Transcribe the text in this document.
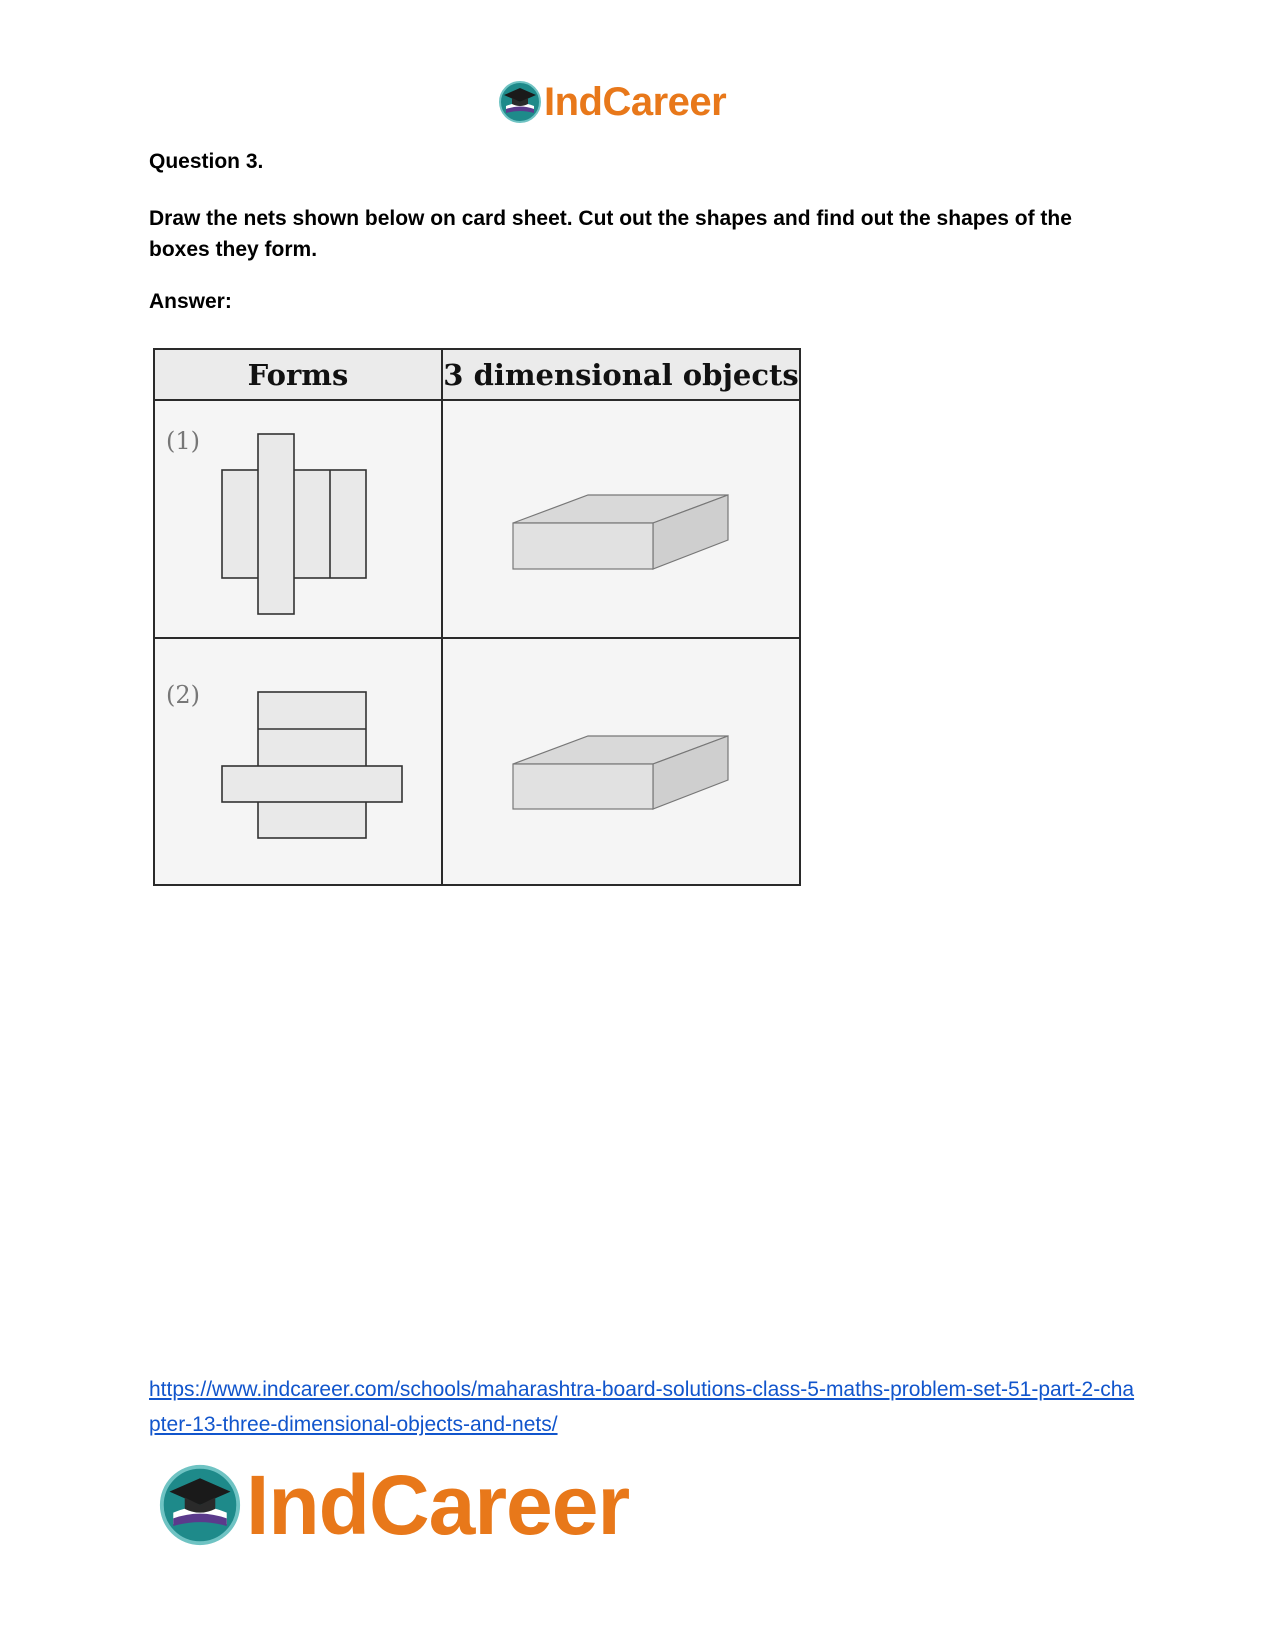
IndCareer
Question 3.

Draw the nets shown below on card sheet. Cut out the shapes and find out the shapes of the boxes they form.

Answer:
Forms	3 dimensional objects
(1)
(2)
https://www.indcareer.com/schools/maharashtra-board-solutions-class-5-maths-problem-set-51-part-2-chapter-13-three-dimensional-objects-and-nets/
IndCareer
